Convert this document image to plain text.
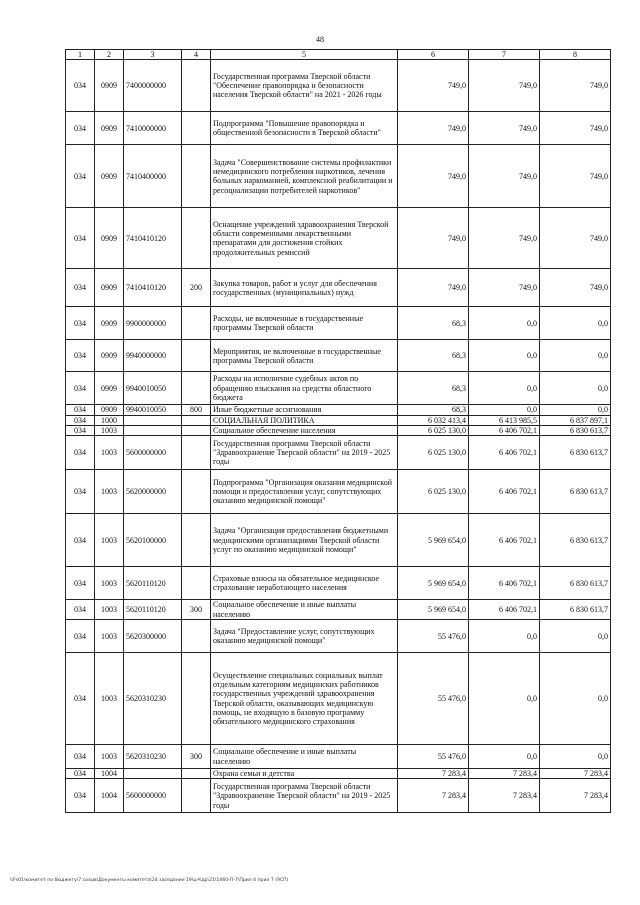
48
1	2	3	4	5	6	7	8
034	0909	7400000000		Государственная программа Тверской области "Обеспечение правопорядка и безопасности населения Тверской области" на 2021 - 2026 годы	749,0	749,0	749,0
034	0909	7410000000		Подпрограмма "Повышение правопорядка и общественной безопасности в Тверской области"	749,0	749,0	749,0
034	0909	7410400000		Задача "Совершенствование системы профилактики немедицинского потребления наркотиков, лечения больных наркоманией, комплексной реабилитации и ресоциализации потребителей наркотиков"	749,0	749,0	749,0
034	0909	7410410120		Оснащение учреждений здравоохранения Тверской области современными лекарственными препаратами для достижения стойких продолжительных ремиссий	749,0	749,0	749,0
034	0909	7410410120	200	Закупка товаров, работ и услуг для обеспечения государственных (муниципальных) нужд	749,0	749,0	749,0
034	0909	9900000000		Расходы, не включенные в государственные программы Тверской области	68,3	0,0	0,0
034	0909	9940000000		Мероприятия, не включенные в государственные программы Тверской области	68,3	0,0	0,0
034	0909	9940010050		Расходы на исполнение судебных актов по обращению взыскания на средства областного бюджета	68,3	0,0	0,0
034	0909	9940010050	800	Иные бюджетные ассигнования	68,3	0,0	0,0
034	1000			СОЦИАЛЬНАЯ ПОЛИТИКА	6 032 413,4	6 413 985,5	6 837 897,1
034	1003			Социальное обеспечение населения	6 025 130,0	6 406 702,1	6 830 613,7
034	1003	5600000000		Государственная программа Тверской области "Здравоохранение Тверской области" на 2019 - 2025 годы	6 025 130,0	6 406 702,1	6 830 613,7
034	1003	5620000000		Подпрограмма "Организация оказания медицинской помощи и предоставления услуг, сопутствующих оказанию медицинской помощи"	6 025 130,0	6 406 702,1	6 830 613,7
034	1003	5620100000		Задача "Организация предоставления бюджетными медицинскими организациями Тверской области услуг по оказанию медицинской помощи"	5 969 654,0	6 406 702,1	6 830 613,7
034	1003	5620110120		Страховые взносы на обязательное медицинское страхование неработающего населения	5 969 654,0	6 406 702,1	6 830 613,7
034	1003	5620110120	300	Социальное обеспечение и иные выплаты населению	5 969 654,0	6 406 702,1	6 830 613,7
034	1003	5620300000		Задача "Предоставление услуг, сопутствующих оказанию медицинской помощи"	55 476,0	0,0	0,0
034	1003	5620310230		Осуществление специальных социальных выплат отдельным категориям медицинских работников государственных учреждений здравоохранения Тверской области, оказывающих медицинскую помощь, не входящую в базовую программу обязательного медицинского страхования	55 476,0	0,0	0,0
034	1003	5620310230	300	Социальное обеспечение и иные выплаты населению	55 476,0	0,0	0,0
034	1004			Охрана семьи и детства	7 283,4	7 283,4	7 283,4
034	1004	5600000000		Государственная программа Тверской области "Здравоохранение Тверской области" на 2019 - 2025 годы	7 283,4	7 283,4	7 283,4
\\Fs01\комитет по бюджету\7 созыв\Документы комитета\24 заседание 19\ц-Кдр\21\1460-П-7\Прил 4 прил 7 (9СП)
